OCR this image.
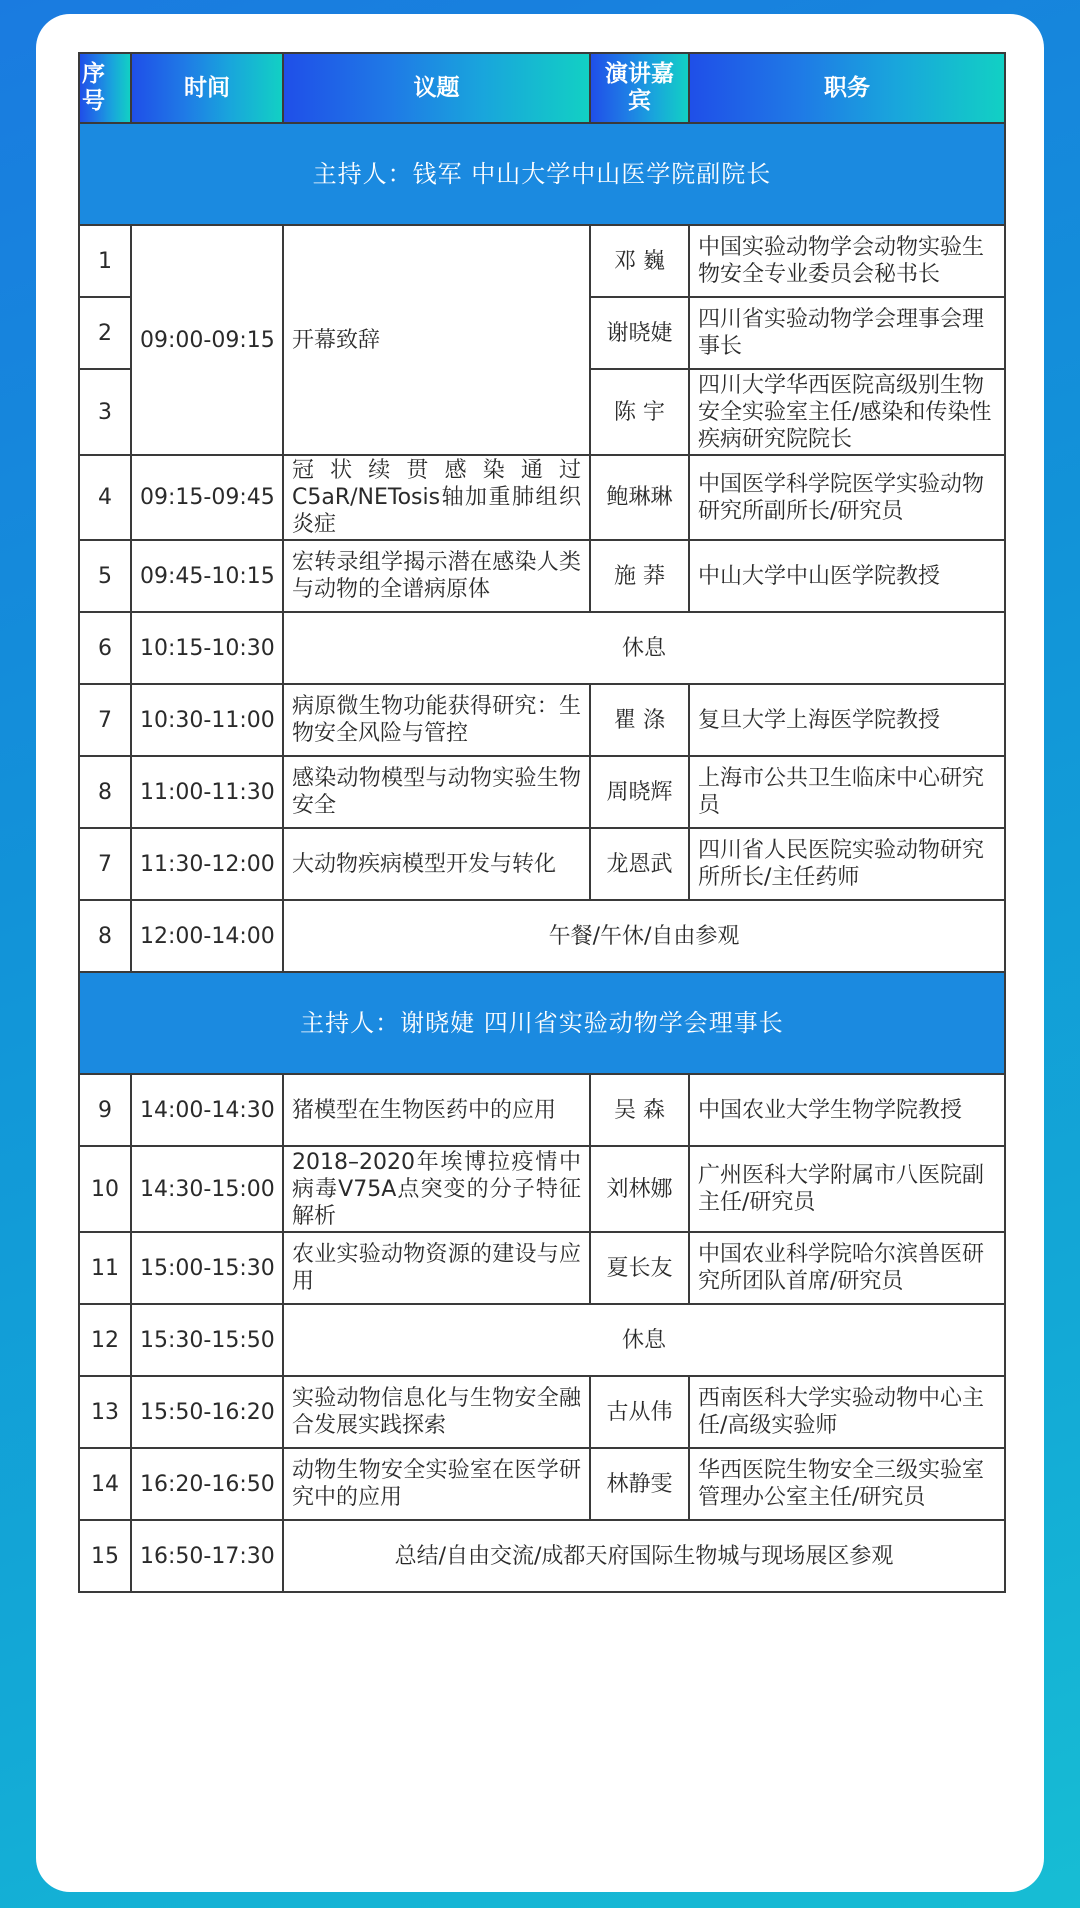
序号	时间	议题	演讲嘉宾	职务
主持人：钱军 中山大学中山医学院副院长				
1	09:00-09:15	开幕致辞	邓 巍	中国实验动物学会动物实验生物安全专业委员会秘书长
2			谢晓婕	四川省实验动物学会理事会理事长
3			陈 宇	四川大学华西医院高级别生物安全实验室主任/感染和传染性疾病研究院院长
4	09:15-09:45	冠状续贯感染通过C5aR/NETosis轴加重肺组织炎症	鲍琳琳	中国医学科学院医学实验动物研究所副所长/研究员
5	09:45-10:15	宏转录组学揭示潜在感染人类与动物的全谱病原体	施 莽	中山大学中山医学院教授
6	10:15-10:30	休息		
7	10:30-11:00	病原微生物功能获得研究：生物安全风险与管控	瞿 涤	复旦大学上海医学院教授
8	11:00-11:30	感染动物模型与动物实验生物安全	周晓辉	上海市公共卫生临床中心研究员
7	11:30-12:00	大动物疾病模型开发与转化	龙恩武	四川省人民医院实验动物研究所所长/主任药师
8	12:00-14:00	午餐/午休/自由参观		
主持人：谢晓婕 四川省实验动物学会理事长				
9	14:00-14:30	猪模型在生物医药中的应用	吴 森	中国农业大学生物学院教授
10	14:30-15:00	2018–2020年埃博拉疫情中病毒V75A点突变的分子特征解析	刘林娜	广州医科大学附属市八医院副主任/研究员
11	15:00-15:30	农业实验动物资源的建设与应用	夏长友	中国农业科学院哈尔滨兽医研究所团队首席/研究员
12	15:30-15:50	休息		
13	15:50-16:20	实验动物信息化与生物安全融合发展实践探索	古从伟	西南医科大学实验动物中心主任/高级实验师
14	16:20-16:50	动物生物安全实验室在医学研究中的应用	林静雯	华西医院生物安全三级实验室管理办公室主任/研究员
15	16:50-17:30	总结/自由交流/成都天府国际生物城与现场展区参观		
